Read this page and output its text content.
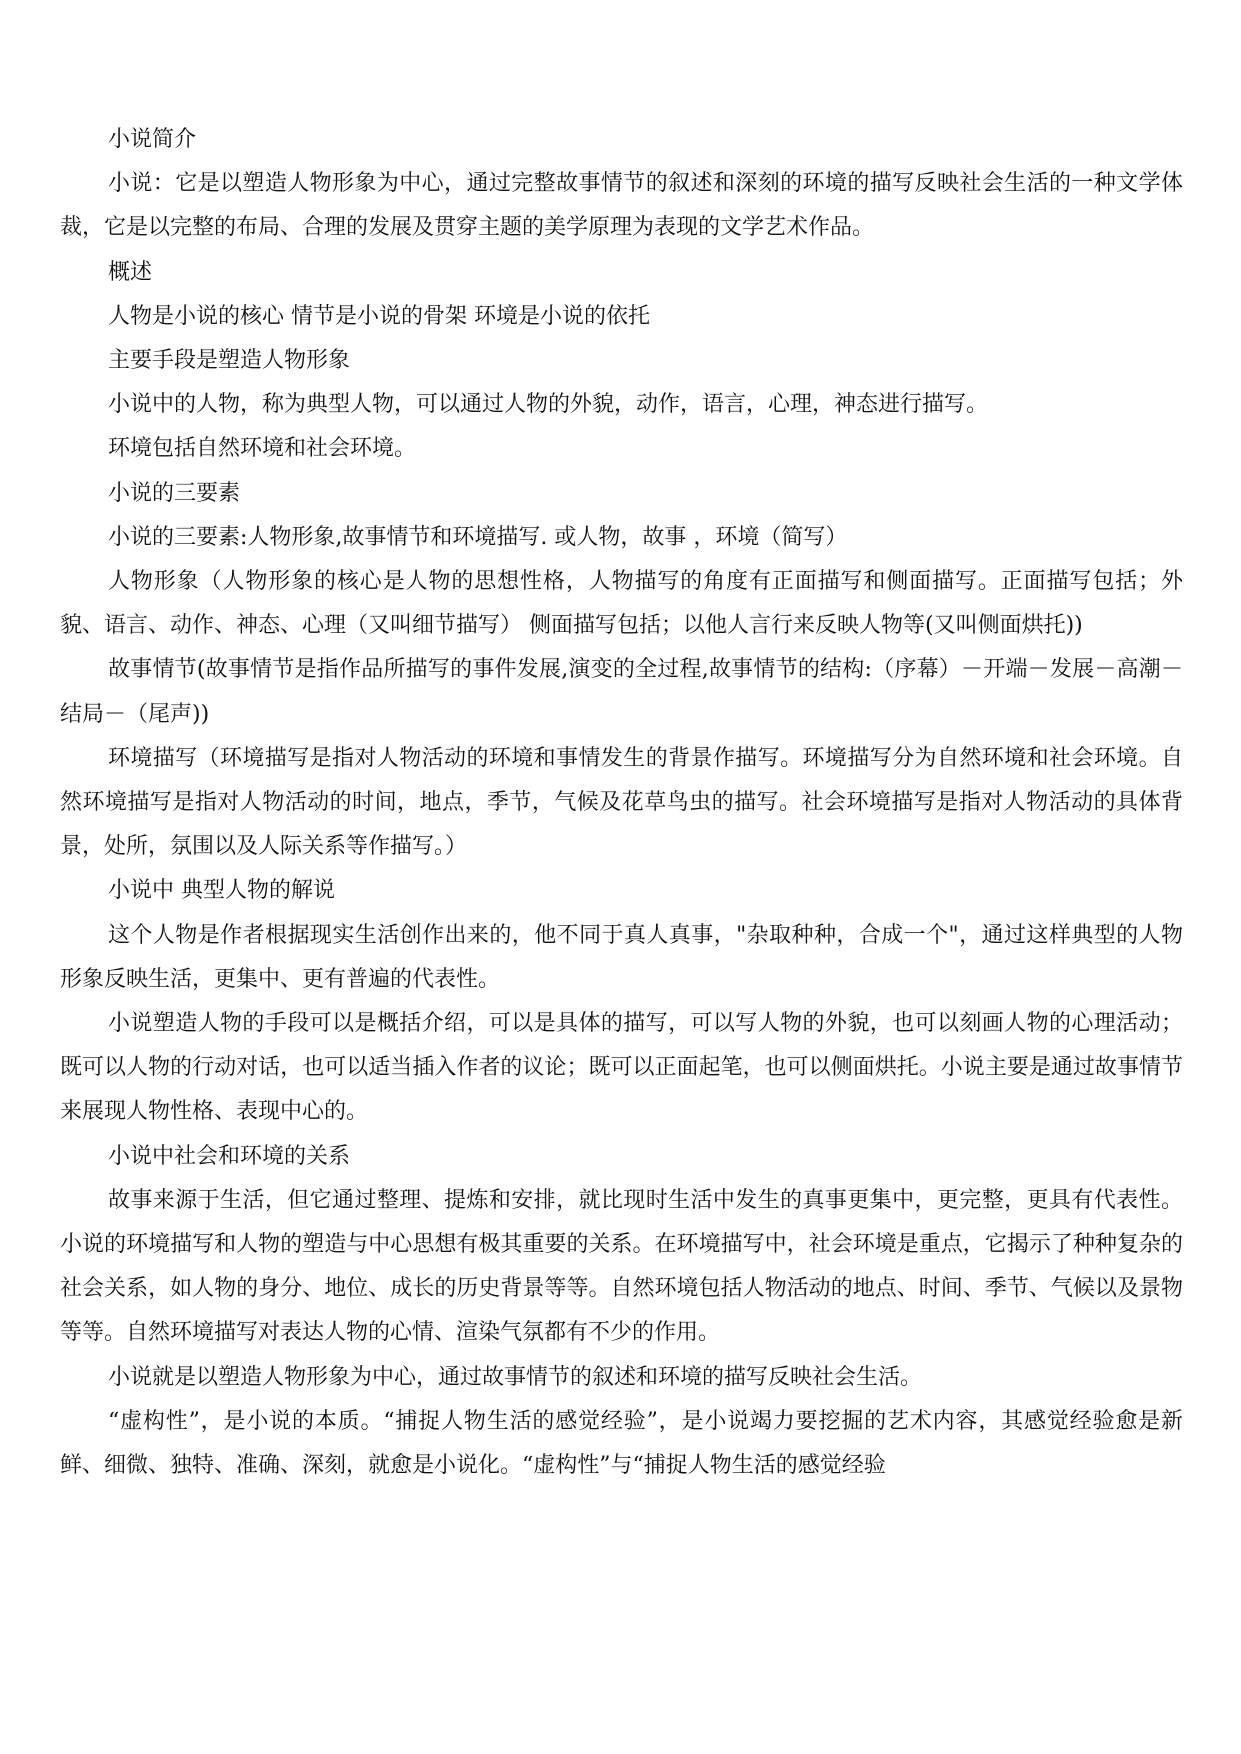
小说简介

小说：它是以塑造人物形象为中心，通过完整故事情节的叙述和深刻的环境的描写反映社会生活的一种文学体裁，它是以完整的布局、合理的发展及贯穿主题的美学原理为表现的文学艺术作品。

概述

人物是小说的核心 情节是小说的骨架 环境是小说的依托

主要手段是塑造人物形象

小说中的人物，称为典型人物，可以通过人物的外貌，动作，语言，心理，神态进行描写。

环境包括自然环境和社会环境。

小说的三要素

小说的三要素:人物形象,故事情节和环境描写. 或人物，故事 ，环境（简写）

人物形象（人物形象的核心是人物的思想性格，人物描写的角度有正面描写和侧面描写。正面描写包括；外貌、语言、动作、神态、心理（又叫细节描写） 侧面描写包括；以他人言行来反映人物等(又叫侧面烘托))

故事情节(故事情节是指作品所描写的事件发展,演变的全过程,故事情节的结构:（序幕）－开端－发展－高潮－结局－（尾声))

环境描写（环境描写是指对人物活动的环境和事情发生的背景作描写。环境描写分为自然环境和社会环境。自然环境描写是指对人物活动的时间，地点，季节，气候及花草鸟虫的描写。社会环境描写是指对人物活动的具体背景，处所，氛围以及人际关系等作描写。）

小说中 典型人物的解说

这个人物是作者根据现实生活创作出来的，他不同于真人真事，"杂取种种，合成一个"，通过这样典型的人物形象反映生活，更集中、更有普遍的代表性。

小说塑造人物的手段可以是概括介绍，可以是具体的描写，可以写人物的外貌，也可以刻画人物的心理活动；既可以人物的行动对话，也可以适当插入作者的议论；既可以正面起笔，也可以侧面烘托。小说主要是通过故事情节来展现人物性格、表现中心的。

小说中社会和环境的关系

故事来源于生活，但它通过整理、提炼和安排，就比现时生活中发生的真事更集中，更完整，更具有代表性。小说的环境描写和人物的塑造与中心思想有极其重要的关系。在环境描写中，社会环境是重点，它揭示了种种复杂的社会关系，如人物的身分、地位、成长的历史背景等等。自然环境包括人物活动的地点、时间、季节、气候以及景物等等。自然环境描写对表达人物的心情、渲染气氛都有不少的作用。

小说就是以塑造人物形象为中心，通过故事情节的叙述和环境的描写反映社会生活。

“虚构性”，是小说的本质。“捕捉人物生活的感觉经验”，是小说竭力要挖掘的艺术内容，其感觉经验愈是新鲜、细微、独特、准确、深刻，就愈是小说化。“虚构性”与“捕捉人物生活的感觉经验
